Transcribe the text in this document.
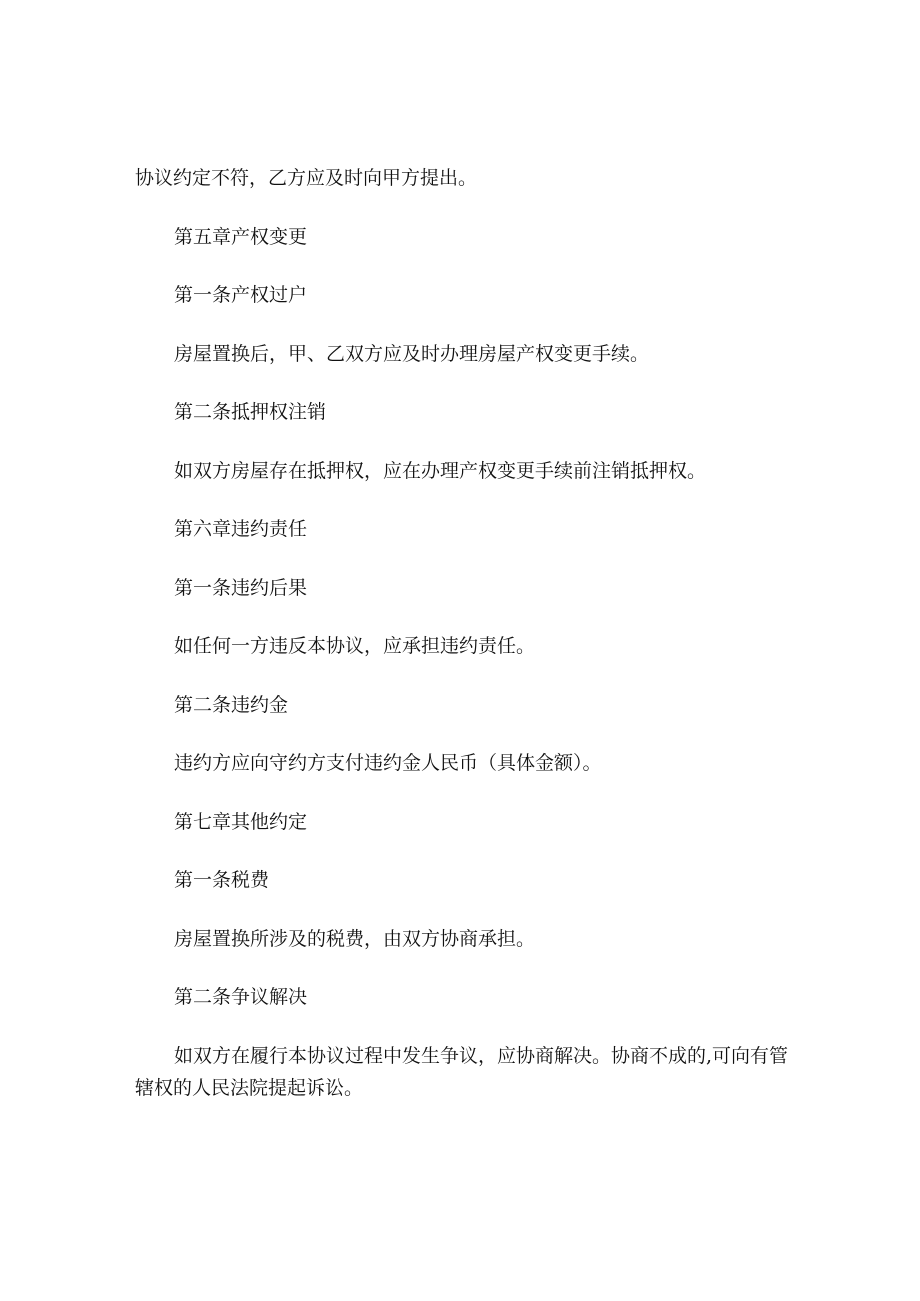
协议约定不符，乙方应及时向甲方提出。
第五章产权变更
第一条产权过户
房屋置换后，甲、乙双方应及时办理房屋产权变更手续。
第二条抵押权注销
如双方房屋存在抵押权，应在办理产权变更手续前注销抵押权。
第六章违约责任
第一条违约后果
如任何一方违反本协议，应承担违约责任。
第二条违约金
违约方应向守约方支付违约金人民币（具体金额）。
第七章其他约定
第一条税费
房屋置换所涉及的税费，由双方协商承担。
第二条争议解决
如双方在履行本协议过程中发生争议，应协商解决。协商不成的,可向有管辖权的人民法院提起诉讼。
